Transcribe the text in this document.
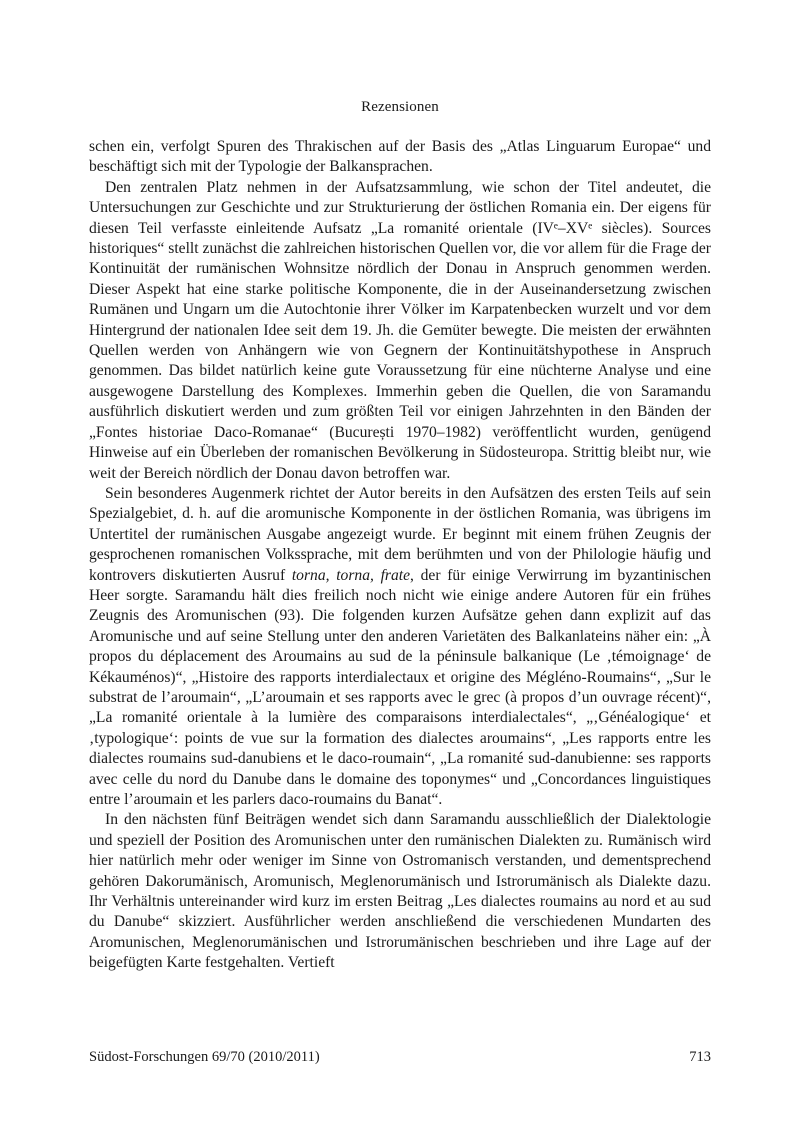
Rezensionen

schen ein, verfolgt Spuren des Thrakischen auf der Basis des „Atlas Linguarum Europae“ und beschäftigt sich mit der Typologie der Balkansprachen.

Den zentralen Platz nehmen in der Aufsatzsammlung, wie schon der Titel andeutet, die Untersuchungen zur Geschichte und zur Strukturierung der östlichen Romania ein. Der eigens für diesen Teil verfasste einleitende Aufsatz „La romanité orientale (IVᵉ–XVᵉ siècles). Sources historiques“ stellt zunächst die zahlreichen historischen Quellen vor, die vor allem für die Frage der Kontinuität der rumänischen Wohnsitze nördlich der Donau in Anspruch genommen werden. Dieser Aspekt hat eine starke politische Komponente, die in der Auseinandersetzung zwischen Rumänen und Ungarn um die Autochtonie ihrer Völker im Karpatenbecken wurzelt und vor dem Hintergrund der nationalen Idee seit dem 19. Jh. die Gemüter bewegte. Die meisten der erwähnten Quellen werden von Anhängern wie von Gegnern der Kontinuitätshypothese in Anspruch genommen. Das bildet natürlich keine gute Voraussetzung für eine nüchterne Analyse und eine ausgewogene Darstellung des Komplexes. Immerhin geben die Quellen, die von Saramandu ausführlich diskutiert werden und zum größten Teil vor einigen Jahrzehnten in den Bänden der „Fontes historiae Daco-Romanae“ (București 1970–1982) veröffentlicht wurden, genügend Hinweise auf ein Überleben der romanischen Bevölkerung in Südosteuropa. Strittig bleibt nur, wie weit der Bereich nördlich der Donau davon betroffen war.

Sein besonderes Augenmerk richtet der Autor bereits in den Aufsätzen des ersten Teils auf sein Spezialgebiet, d. h. auf die aromunische Komponente in der östlichen Romania, was übrigens im Untertitel der rumänischen Ausgabe angezeigt wurde. Er beginnt mit einem frühen Zeugnis der gesprochenen romanischen Volkssprache, mit dem berühmten und von der Philologie häufig und kontrovers diskutierten Ausruf torna, torna, frate, der für einige Verwirrung im byzantinischen Heer sorgte. Saramandu hält dies freilich noch nicht wie einige andere Autoren für ein frühes Zeugnis des Aromunischen (93). Die folgenden kurzen Aufsätze gehen dann explizit auf das Aromunische und auf seine Stellung unter den anderen Varietäten des Balkanlateins näher ein: „À propos du déplacement des Aroumains au sud de la péninsule balkanique (Le ‚témoignage‘ de Kékauménos)“, „Histoire des rapports interdialectaux et origine des Mégléno-Roumains“, „Sur le substrat de l’aroumain“, „L’aroumain et ses rapports avec le grec (à propos d’un ouvrage récent)“, „La romanité orientale à la lumière des comparaisons interdialectales“, „‚Généalogique‘ et ‚typologique‘: points de vue sur la formation des dialectes aroumains“, „Les rapports entre les dialectes roumains sud-danubiens et le daco-roumain“, „La romanité sud-danubienne: ses rapports avec celle du nord du Danube dans le domaine des toponymes“ und „Concordances linguistiques entre l’aroumain et les parlers daco-roumains du Banat“.

In den nächsten fünf Beiträgen wendet sich dann Saramandu ausschließlich der Dialektologie und speziell der Position des Aromunischen unter den rumänischen Dialekten zu. Rumänisch wird hier natürlich mehr oder weniger im Sinne von Ostromanisch verstanden, und dementsprechend gehören Dakorumänisch, Aromunisch, Meglenorumänisch und Istrorumänisch als Dialekte dazu. Ihr Verhältnis untereinander wird kurz im ersten Beitrag „Les dialectes roumains au nord et au sud du Danube“ skizziert. Ausführlicher werden anschließend die verschiedenen Mundarten des Aromunischen, Meglenorumänischen und Istrorumänischen beschrieben und ihre Lage auf der beigefügten Karte festgehalten. Vertieft

Südost-Forschungen 69/70 (2010/2011)	713
